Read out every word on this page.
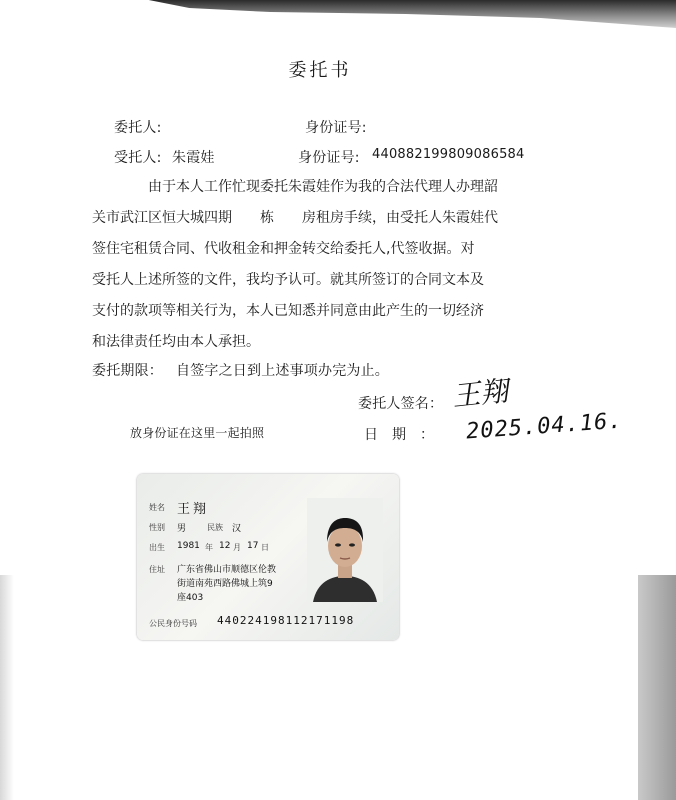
委托书
委托人:	身份证号:
受托人: 朱霞娃	身份证号: 440882199809086584
由于本人工作忙现委托朱霞娃作为我的合法代理人办理韶
关市武江区恒大城四期　　栋　　房租房手续，由受托人朱霞娃代
签住宅租赁合同、代收租金和押金转交给委托人,代签收据。对
受托人上述所签的文件，我均予认可。就其所签订的合同文本及
支付的款项等相关行为，本人已知悉并同意由此产生的一切经济
和法律责任均由本人承担。
委托期限： 自签字之日到上述事项办完为止。
委托人签名： 王翔
放身份证在这里一起拍照	日期： 2025.04.16.
姓名 王翔
性别 男	民族 汉
出生 1981 年 12 月 17 日
住址 广东省佛山市顺德区伦教
街道南苑西路佛城上筑9
座403
公民身份号码 440224198112171198
